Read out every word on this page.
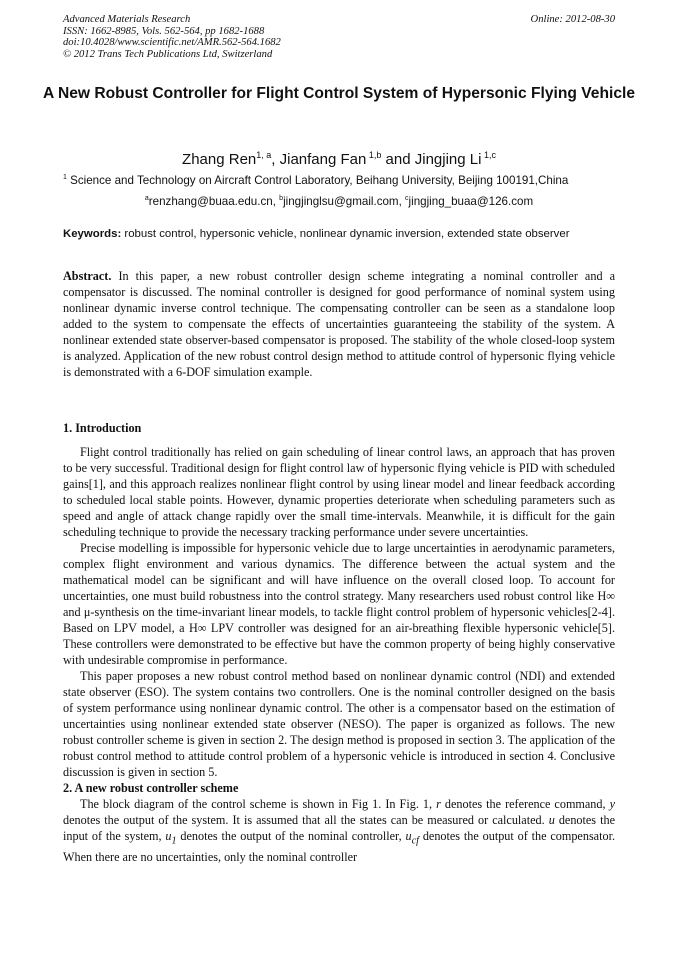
Advanced Materials Research
ISSN: 1662-8985, Vols. 562-564, pp 1682-1688
doi:10.4028/www.scientific.net/AMR.562-564.1682
© 2012 Trans Tech Publications Ltd, Switzerland
Online: 2012-08-30
A New Robust Controller for Flight Control System of Hypersonic Flying Vehicle
Zhang Ren$^{1, a}$, Jianfang Fan $^{1,b}$ and Jingjing Li $^{1,c}$
$^1$ Science and Technology on Aircraft Control Laboratory, Beihang University, Beijing 100191,China
$^a$renzhang@buaa.edu.cn, $^b$jingjinglsu@gmail.com, $^c$jingjing_buaa@126.com
Keywords: robust control, hypersonic vehicle, nonlinear dynamic inversion, extended state observer

Abstract. In this paper, a new robust controller design scheme integrating a nominal controller and a compensator is discussed. The nominal controller is designed for good performance of nominal system using nonlinear dynamic inverse control technique. The compensating controller can be seen as a standalone loop added to the system to compensate the effects of uncertainties guaranteeing the stability of the system. A nonlinear extended state observer-based compensator is proposed. The stability of the whole closed-loop system is analyzed. Application of the new robust control design method to attitude control of hypersonic flying vehicle is demonstrated with a 6-DOF simulation example.

1. Introduction

Flight control traditionally has relied on gain scheduling of linear control laws, an approach that has proven to be very successful. Traditional design for flight control law of hypersonic flying vehicle is PID with scheduled gains[1], and this approach realizes nonlinear flight control by using linear model and linear feedback according to scheduled local stable points. However, dynamic properties deteriorate when scheduling parameters such as speed and angle of attack change rapidly over the small time-intervals. Meanwhile, it is difficult for the gain scheduling technique to provide the necessary tracking performance under severe uncertainties.

Precise modelling is impossible for hypersonic vehicle due to large uncertainties in aerodynamic parameters, complex flight environment and various dynamics. The difference between the actual system and the mathematical model can be significant and will have influence on the overall closed loop. To account for uncertainties, one must build robustness into the control strategy. Many researchers used robust control like H∞ and μ-synthesis on the time-invariant linear models, to tackle flight control problem of hypersonic vehicles[2-4]. Based on LPV model, a H∞ LPV controller was designed for an air-breathing flexible hypersonic vehicle[5]. These controllers were demonstrated to be effective but have the common property of being highly conservative with undesirable compromise in performance.

This paper proposes a new robust control method based on nonlinear dynamic control (NDI) and extended state observer (ESO). The system contains two controllers. One is the nominal controller designed on the basis of system performance using nonlinear dynamic control. The other is a compensator based on the estimation of uncertainties using nonlinear extended state observer (NESO). The paper is organized as follows. The new robust controller scheme is given in section 2. The design method is proposed in section 3. The application of the robust control method to attitude control problem of a hypersonic vehicle is introduced in section 4. Conclusive discussion is given in section 5.

2. A new robust controller scheme

The block diagram of the control scheme is shown in Fig 1. In Fig. 1, r denotes the reference command, y denotes the output of the system. It is assumed that all the states can be measured or calculated. u denotes the input of the system, $u_1$ denotes the output of the nominal controller, $u_{cf}$ denotes the output of the compensator. When there are no uncertainties, only the nominal controller
